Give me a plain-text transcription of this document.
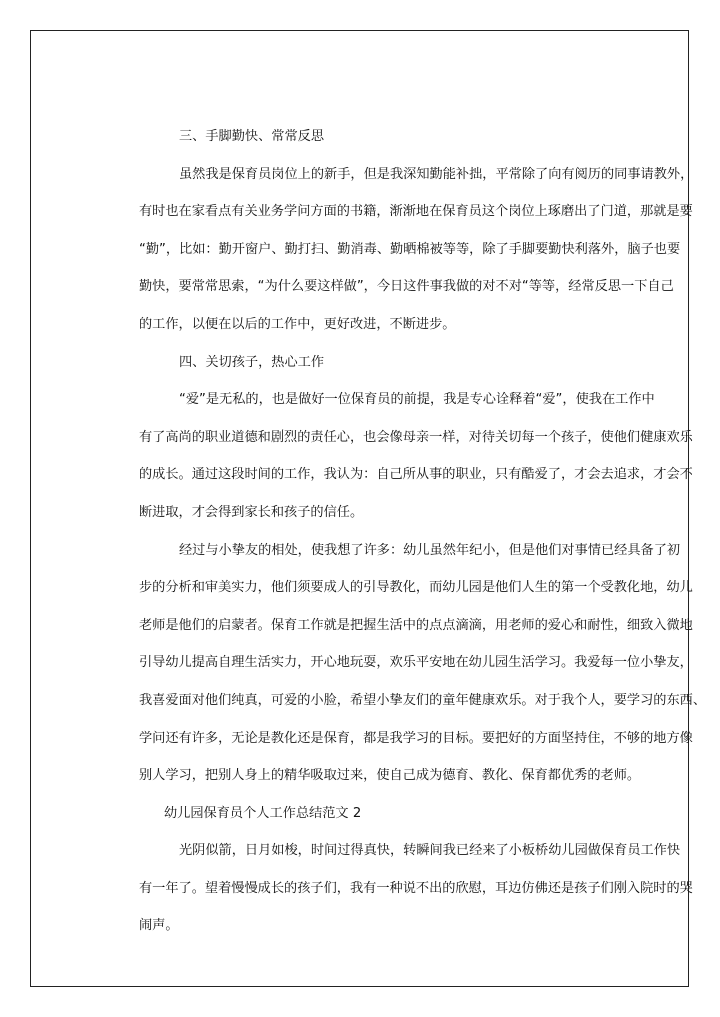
三、手脚勤快、常常反思
虽然我是保育员岗位上的新手，但是我深知勤能补拙，平常除了向有阅历的同事请教外，
有时也在家看点有关业务学问方面的书籍，渐渐地在保育员这个岗位上琢磨出了门道，那就是要
“勤”，比如：勤开窗户、勤打扫、勤消毒、勤晒棉被等等，除了手脚要勤快利落外，脑子也要
勤快，要常常思索，“为什么要这样做”，今日这件事我做的对不对“等等，经常反思一下自己
的工作，以便在以后的工作中，更好改进，不断进步。
四、关切孩子，热心工作
“爱”是无私的，也是做好一位保育员的前提，我是专心诠释着“爱”，使我在工作中
有了高尚的职业道德和剧烈的责任心，也会像母亲一样，对待关切每一个孩子，使他们健康欢乐
的成长。通过这段时间的工作，我认为：自己所从事的职业，只有酷爱了，才会去追求，才会不
断进取，才会得到家长和孩子的信任。
经过与小挚友的相处，使我想了许多：幼儿虽然年纪小，但是他们对事情已经具备了初
步的分析和审美实力，他们须要成人的引导教化，而幼儿园是他们人生的第一个受教化地，幼儿
老师是他们的启蒙者。保育工作就是把握生活中的点点滴滴，用老师的爱心和耐性，细致入微地
引导幼儿提高自理生活实力，开心地玩耍，欢乐平安地在幼儿园生活学习。我爱每一位小挚友，
我喜爱面对他们纯真，可爱的小脸，希望小挚友们的童年健康欢乐。对于我个人，要学习的东西、
学问还有许多，无论是教化还是保育，都是我学习的目标。要把好的方面坚持住，不够的地方像
别人学习，把别人身上的精华吸取过来，使自己成为德育、教化、保育都优秀的老师。
幼儿园保育员个人工作总结范文 2
光阴似箭，日月如梭，时间过得真快，转瞬间我已经来了小板桥幼儿园做保育员工作快
有一年了。望着慢慢成长的孩子们，我有一种说不出的欣慰，耳边仿佛还是孩子们刚入院时的哭
闹声。
